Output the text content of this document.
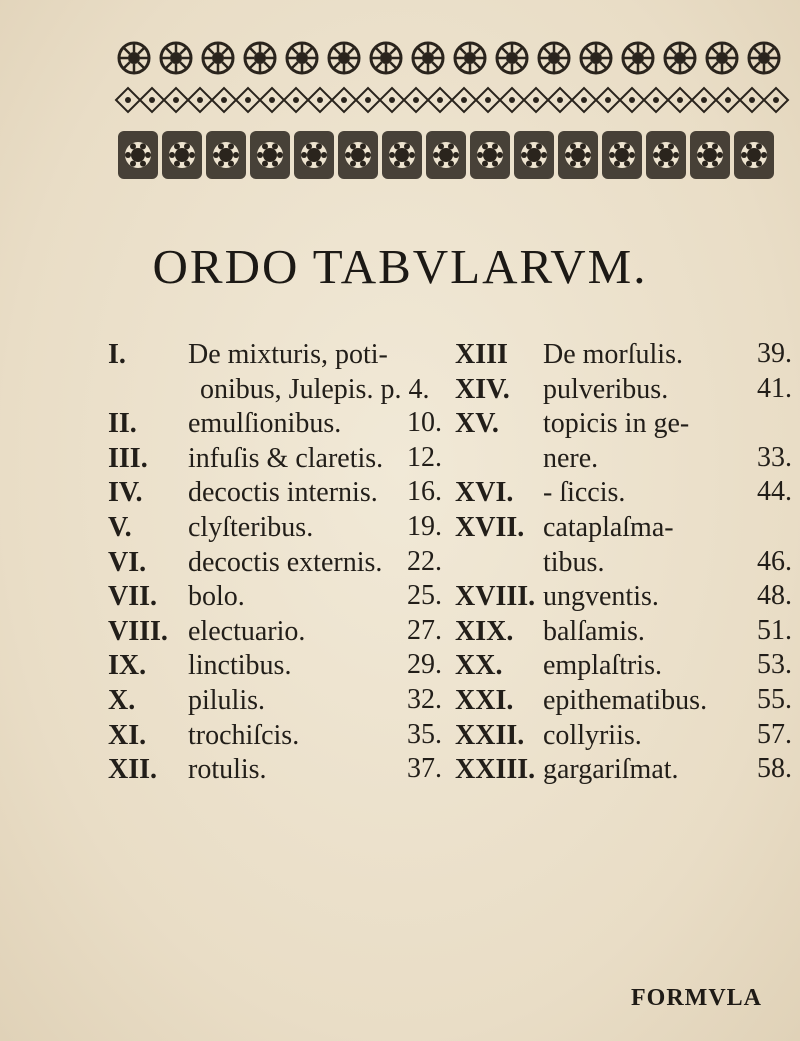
ORDO TABVLARVM.
I. De mixturis, poti-
onibus, Julepis. p. 4.
II. emulſionibus. 10.
III. infuſis & claretis. 12.
IV. decoctis internis. 16.
V. clyſteribus.	19.
VI. decoctis externis. 22.
VII. bolo.	25.
VIII. electuario.	27.
IX. linctibus.	29.
X. pilulis.	32.
XI. trochiſcis.	35.
XII. rotulis.	37.
XIII De morſulis.	39.
XIV. pulveribus.	41.
XV. topicis in ge-
nere.	33.
XVI. - ſiccis.	44.
XVII. cataplaſma-
tibus.	46.
XVIII. ungventis.	48.
XIX. balſamis.	51.
XX. emplaſtris.	53.
XXI. epithematibus. 55.
XXII. collyriis.	57.
XXIII. gargariſmat.	58.
FORMVLA
